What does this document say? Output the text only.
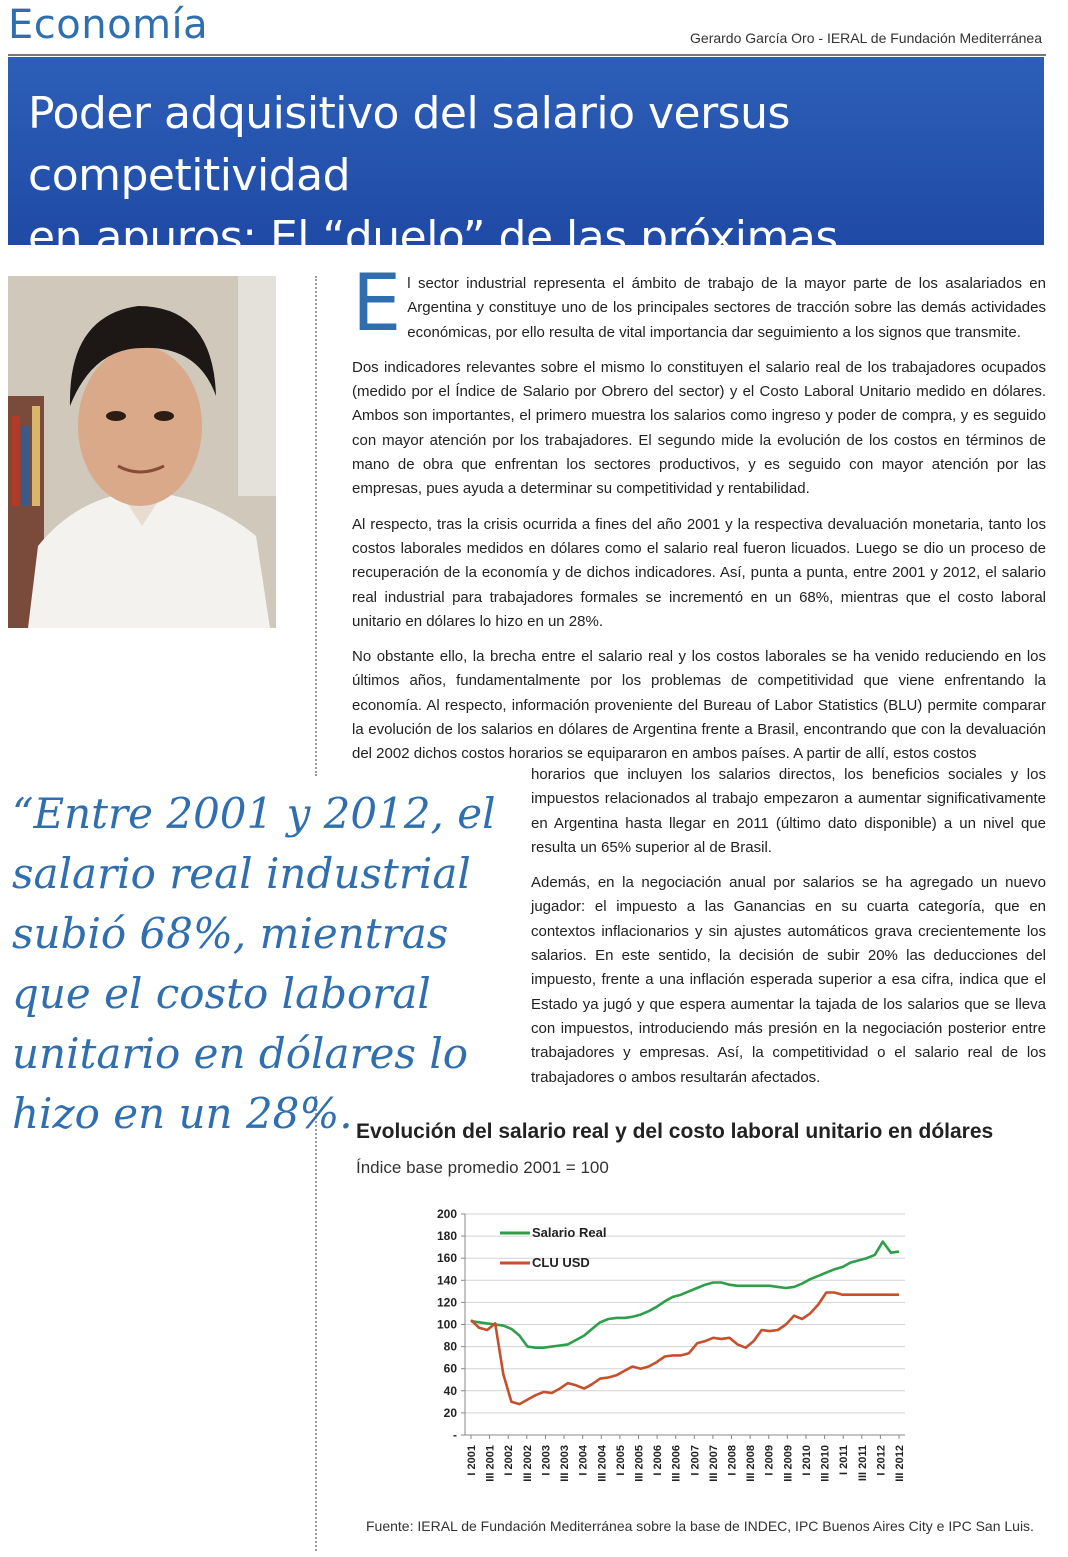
Economía	Gerardo García Oro - IERAL de Fundación Mediterránea
Poder adquisitivo del salario versus competitividad
en apuros: El “duelo” de las próximas

El sector industrial representa el ámbito de trabajo de la mayor parte de los asalariados en Argentina y constituye uno de los principales sectores de tracción sobre las demás actividades económicas, por ello resulta de vital importancia dar seguimiento a los signos que transmite.

Dos indicadores relevantes sobre el mismo lo constituyen el salario real de los trabajadores ocupados (medido por el Índice de Salario por Obrero del sector) y el Costo Laboral Unitario medido en dólares. Ambos son importantes, el primero muestra los salarios como ingreso y poder de compra, y es seguido con mayor atención por los trabajadores. El segundo mide la evolución de los costos en términos de mano de obra que enfrentan los sectores productivos, y es seguido con mayor atención por las empresas, pues ayuda a determinar su competitividad y rentabilidad.

Al respecto, tras la crisis ocurrida a fines del año 2001 y la respectiva devaluación monetaria, tanto los costos laborales medidos en dólares como el salario real fueron licuados. Luego se dio un proceso de recuperación de la economía y de dichos indicadores. Así, punta a punta, entre 2001 y 2012, el salario real industrial para trabajadores formales se incrementó en un 68%, mientras que el costo laboral unitario en dólares lo hizo en un 28%.

No obstante ello, la brecha entre el salario real y los costos laborales se ha venido reduciendo en los últimos años, fundamentalmente por los problemas de competitividad que viene enfrentando la economía. Al respecto, información proveniente del Bureau of Labor Statistics (BLU) permite comparar la evolución de los salarios en dólares de Argentina frente a Brasil, encontrando que con la devaluación del 2002 dichos costos horarios se equipararon en ambos países. A partir de allí, estos costos

horarios que incluyen los salarios directos, los beneficios sociales y los impuestos relacionados al trabajo empezaron a aumentar significativamente en Argentina hasta llegar en 2011 (último dato disponible) a un nivel que resulta un 65% superior al de Brasil.

Además, en la negociación anual por salarios se ha agregado un nuevo jugador: el impuesto a las Ganancias en su cuarta categoría, que en contextos inflacionarios y sin ajustes automáticos grava crecientemente los salarios. En este sentido, la decisión de subir 20% las deducciones del impuesto, frente a una inflación esperada superior a esa cifra, indica que el Estado ya jugó y que espera aumentar la tajada de los salarios que se lleva con impuestos, introduciendo más presión en la negociación posterior entre trabajadores y empresas. Así, la competitividad o el salario real de los trabajadores o ambos resultarán afectados.

“Entre 2001 y 2012, el salario real industrial subió 68%, mientras que el costo laboral unitario en dólares lo hizo en un 28%. Evolución del salario real y del costo laboral unitario en dólares
Índice base promedio 2001 = 100
200
180
160
140
120
100
80
60
40
20
-
I 2001 III 2001 I 2002 III 2002 I 2003 III 2003 I 2004 III 2004 I 2005 III 2005 I 2006 III 2006 I 2007 III 2007 I 2008 III 2008 I 2009 III 2009 I 2010 III 2010 I 2011 III 2011 I 2012 III 2012
Salario Real
CLU USD
Fuente: IERAL de Fundación Mediterránea sobre la base de INDEC, IPC Buenos Aires City e IPC San Luis.
